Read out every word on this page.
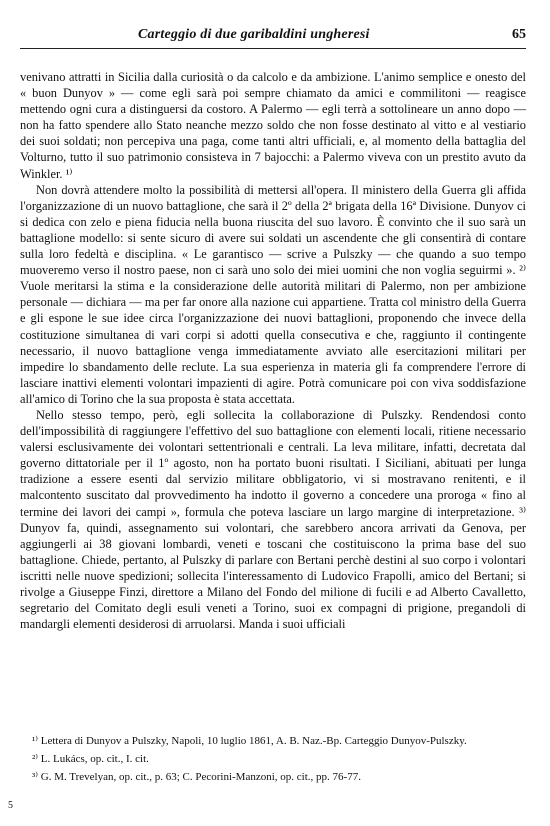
Carteggio di due garibaldini ungheresi	65

venivano attratti in Sicilia dalla curiosità o da calcolo e da ambizione. L'animo semplice e onesto del « buon Dunyov » — come egli sarà poi sempre chiamato da amici e commilitoni — reagisce mettendo ogni cura a distinguersi da costoro. A Palermo — egli terrà a sottolineare un anno dopo — non ha fatto spendere allo Stato neanche mezzo soldo che non fosse destinato al vitto e al vestiario dei suoi soldati; non percepiva una paga, come tanti altri ufficiali, e, al momento della battaglia del Volturno, tutto il suo patrimonio consisteva in 7 bajocchi: a Palermo viveva con un prestito avuto da Winkler. ¹⁾

Non dovrà attendere molto la possibilità di mettersi all'opera. Il ministero della Guerra gli affida l'organizzazione di un nuovo battaglione, che sarà il 2º della 2ª brigata della 16ª Divisione. Dunyov ci si dedica con zelo e piena fiducia nella buona riuscita del suo lavoro. È convinto che il suo sarà un battaglione modello: si sente sicuro di avere sui soldati un ascendente che gli consentirà di contare sulla loro fedeltà e disciplina. « Le garantisco — scrive a Pulszky — che quando a suo tempo muoveremo verso il nostro paese, non ci sarà uno solo dei miei uomini che non voglia seguirmi ». ²⁾ Vuole meritarsi la stima e la considerazione delle autorità militari di Palermo, non per ambizione personale — dichiara — ma per far onore alla nazione cui appartiene. Tratta col ministro della Guerra e gli espone le sue idee circa l'organizzazione dei nuovi battaglioni, proponendo che invece della costituzione simultanea di vari corpi si adotti quella consecutiva e che, raggiunto il contingente necessario, il nuovo battaglione venga immediatamente avviato alle esercitazioni militari per impedire lo sbandamento delle reclute. La sua esperienza in materia gli fa comprendere l'errore di lasciare inattivi elementi volontari impazienti di agire. Potrà comunicare poi con viva soddisfazione all'amico di Torino che la sua proposta è stata accettata.

Nello stesso tempo, però, egli sollecita la collaborazione di Pulszky. Rendendosi conto dell'impossibilità di raggiungere l'effettivo del suo battaglione con elementi locali, ritiene necessario valersi esclusivamente dei volontari settentrionali e centrali. La leva militare, infatti, decretata dal governo dittatoriale per il 1º agosto, non ha portato buoni risultati. I Siciliani, abituati per lunga tradizione a essere esenti dal servizio militare obbligatorio, vi si mostravano renitenti, e il malcontento suscitato dal provvedimento ha indotto il governo a concedere una proroga « fino al termine dei lavori dei campi », formula che poteva lasciare un largo margine di interpretazione. ³⁾ Dunyov fa, quindi, assegnamento sui volontari, che sarebbero ancora arrivati da Genova, per aggiungerli ai 38 giovani lombardi, veneti e toscani che costituiscono la prima base del suo battaglione. Chiede, pertanto, al Pulszky di parlare con Bertani perchè destini al suo corpo i volontari iscritti nelle nuove spedizioni; sollecita l'interessamento di Ludovico Frapolli, amico del Bertani; si rivolge a Giuseppe Finzi, direttore a Milano del Fondo del milione di fucili e ad Alberto Cavalletto, segretario del Comitato degli esuli veneti a Torino, suoi ex compagni di prigione, pregandoli di mandargli elementi desiderosi di arruolarsi. Manda i suoi ufficiali

¹⁾ Lettera di Dunyov a Pulszky, Napoli, 10 luglio 1861, A. B. Naz.-Bp. Carteggio Dunyov-Pulszky.

²⁾ L. Lukács, op. cit., I. cit.

³⁾ G. M. Trevelyan, op. cit., p. 63; C. Pecorini-Manzoni, op. cit., pp. 76-77.

5
